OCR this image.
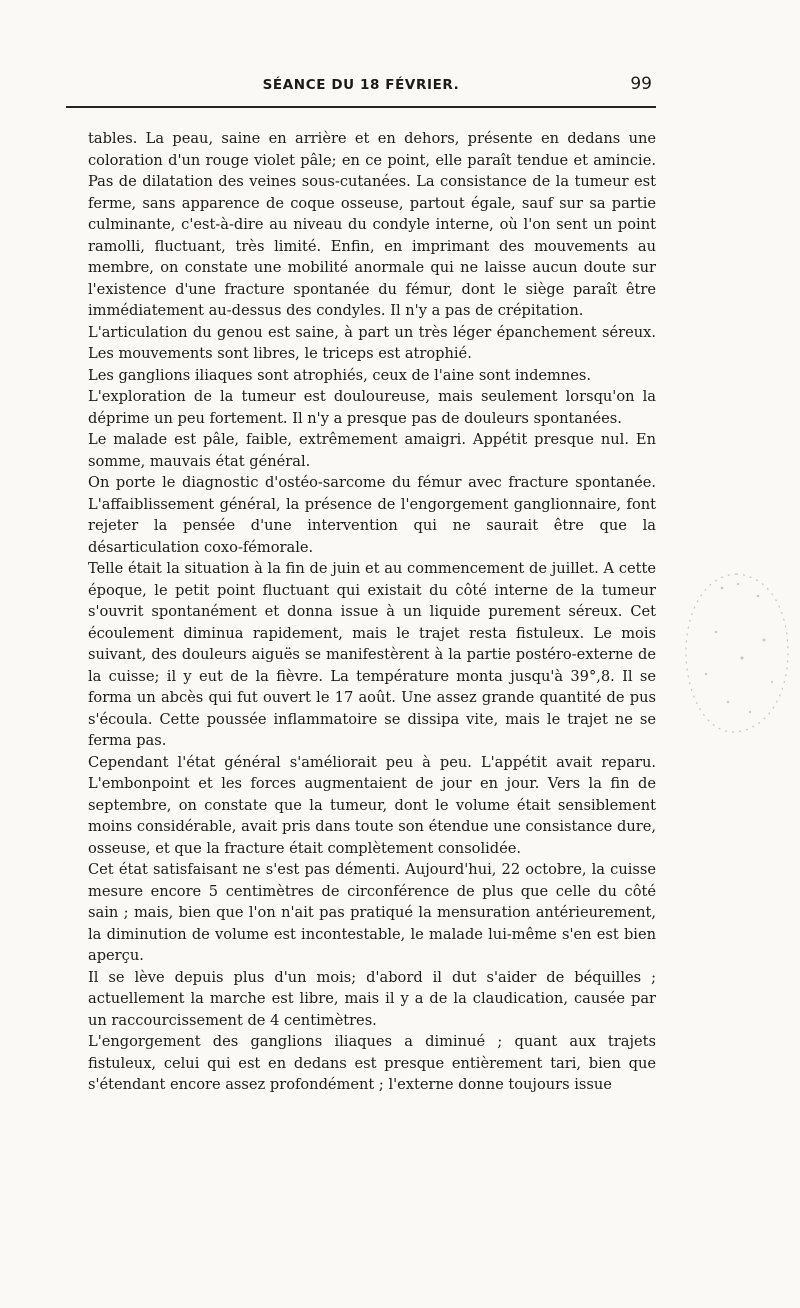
SÉANCE DU 18 FÉVRIER.	99

tables. La peau, saine en arrière et en dehors, présente en dedans une coloration d'un rouge violet pâle; en ce point, elle paraît tendue et amincie. Pas de dilatation des veines sous-cutanées. La consistance de la tumeur est ferme, sans apparence de coque osseuse, partout égale, sauf sur sa partie culminante, c'est-à-dire au niveau du condyle interne, où l'on sent un point ramolli, fluctuant, très limité. Enfin, en imprimant des mouvements au membre, on constate une mobilité anormale qui ne laisse aucun doute sur l'existence d'une fracture spontanée du fémur, dont le siège paraît être immédiatement au-dessus des condyles. Il n'y a pas de crépitation.

L'articulation du genou est saine, à part un très léger épanchement séreux. Les mouvements sont libres, le triceps est atrophié.

Les ganglions iliaques sont atrophiés, ceux de l'aine sont indemnes.

L'exploration de la tumeur est douloureuse, mais seulement lorsqu'on la déprime un peu fortement. Il n'y a presque pas de douleurs spontanées.

Le malade est pâle, faible, extrêmement amaigri. Appétit presque nul. En somme, mauvais état général.

On porte le diagnostic d'ostéo-sarcome du fémur avec fracture spontanée. L'affaiblissement général, la présence de l'engorgement ganglionnaire, font rejeter la pensée d'une intervention qui ne saurait être que la désarticulation coxo-fémorale.

Telle était la situation à la fin de juin et au commencement de juillet. A cette époque, le petit point fluctuant qui existait du côté interne de la tumeur s'ouvrit spontanément et donna issue à un liquide purement séreux. Cet écoulement diminua rapidement, mais le trajet resta fistuleux. Le mois suivant, des douleurs aiguës se manifestèrent à la partie postéro-externe de la cuisse; il y eut de la fièvre. La température monta jusqu'à 39°,8. Il se forma un abcès qui fut ouvert le 17 août. Une assez grande quantité de pus s'écoula. Cette poussée inflammatoire se dissipa vite, mais le trajet ne se ferma pas.

Cependant l'état général s'améliorait peu à peu. L'appétit avait reparu. L'embonpoint et les forces augmentaient de jour en jour. Vers la fin de septembre, on constate que la tumeur, dont le volume était sensiblement moins considérable, avait pris dans toute son étendue une consistance dure, osseuse, et que la fracture était complètement consolidée.

Cet état satisfaisant ne s'est pas démenti. Aujourd'hui, 22 octobre, la cuisse mesure encore 5 centimètres de circonférence de plus que celle du côté sain ; mais, bien que l'on n'ait pas pratiqué la mensuration antérieurement, la diminution de volume est incontestable, le malade lui-même s'en est bien aperçu.

Il se lève depuis plus d'un mois; d'abord il dut s'aider de béquilles ; actuellement la marche est libre, mais il y a de la claudication, causée par un raccourcissement de 4 centimètres.

L'engorgement des ganglions iliaques a diminué ; quant aux trajets fistuleux, celui qui est en dedans est presque entièrement tari, bien que s'étendant encore assez profondément ; l'externe donne toujours issue
